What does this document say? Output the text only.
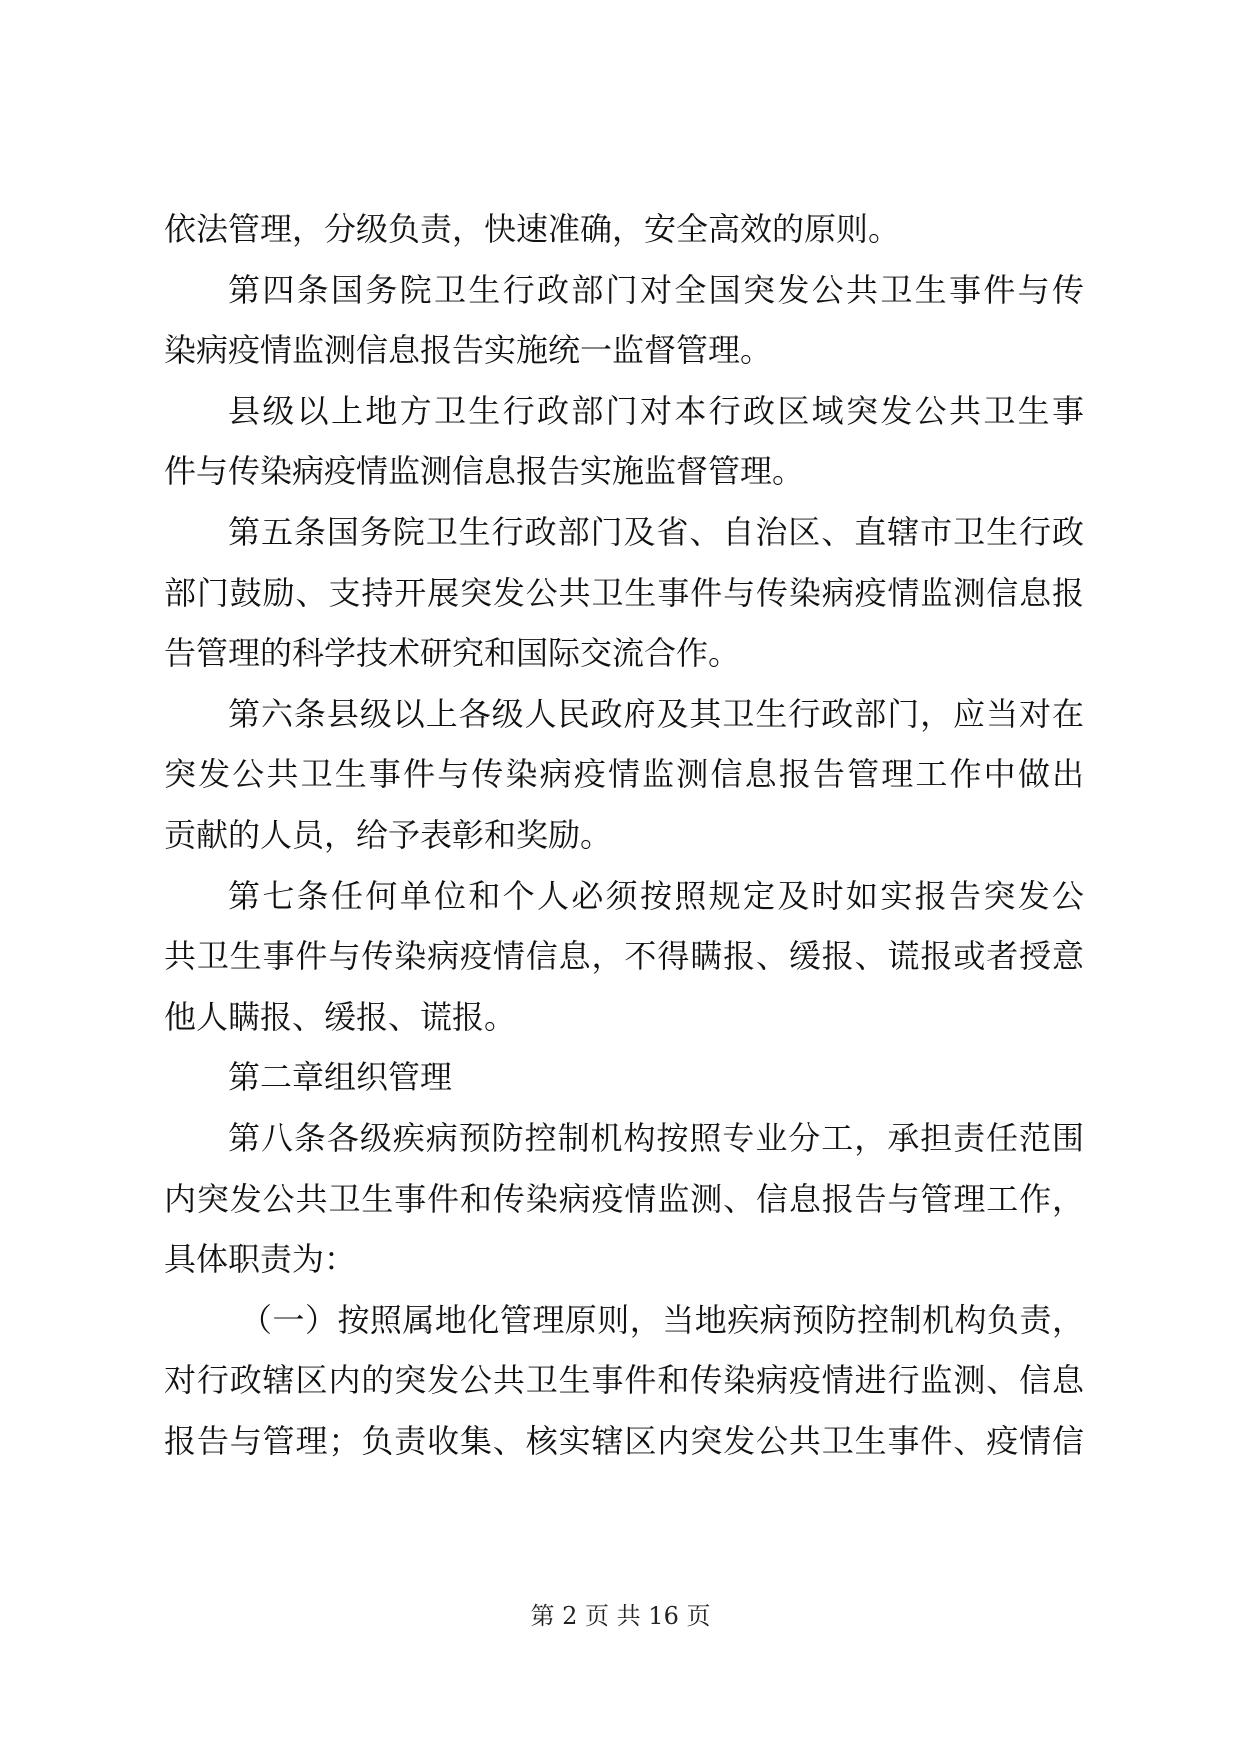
依法管理，分级负责，快速准确，安全高效的原则。
第四条国务院卫生行政部门对全国突发公共卫生事件与传
染病疫情监测信息报告实施统一监督管理。
县级以上地方卫生行政部门对本行政区域突发公共卫生事
件与传染病疫情监测信息报告实施监督管理。
第五条国务院卫生行政部门及省、自治区、直辖市卫生行政
部门鼓励、支持开展突发公共卫生事件与传染病疫情监测信息报
告管理的科学技术研究和国际交流合作。
第六条县级以上各级人民政府及其卫生行政部门，应当对在
突发公共卫生事件与传染病疫情监测信息报告管理工作中做出
贡献的人员，给予表彰和奖励。
第七条任何单位和个人必须按照规定及时如实报告突发公
共卫生事件与传染病疫情信息，不得瞒报、缓报、谎报或者授意
他人瞒报、缓报、谎报。
第二章组织管理
第八条各级疾病预防控制机构按照专业分工，承担责任范围
内突发公共卫生事件和传染病疫情监测、信息报告与管理工作，
具体职责为：
（一）按照属地化管理原则，当地疾病预防控制机构负责，
对行政辖区内的突发公共卫生事件和传染病疫情进行监测、信息
报告与管理；负责收集、核实辖区内突发公共卫生事件、疫情信
第 2 页 共 16 页
